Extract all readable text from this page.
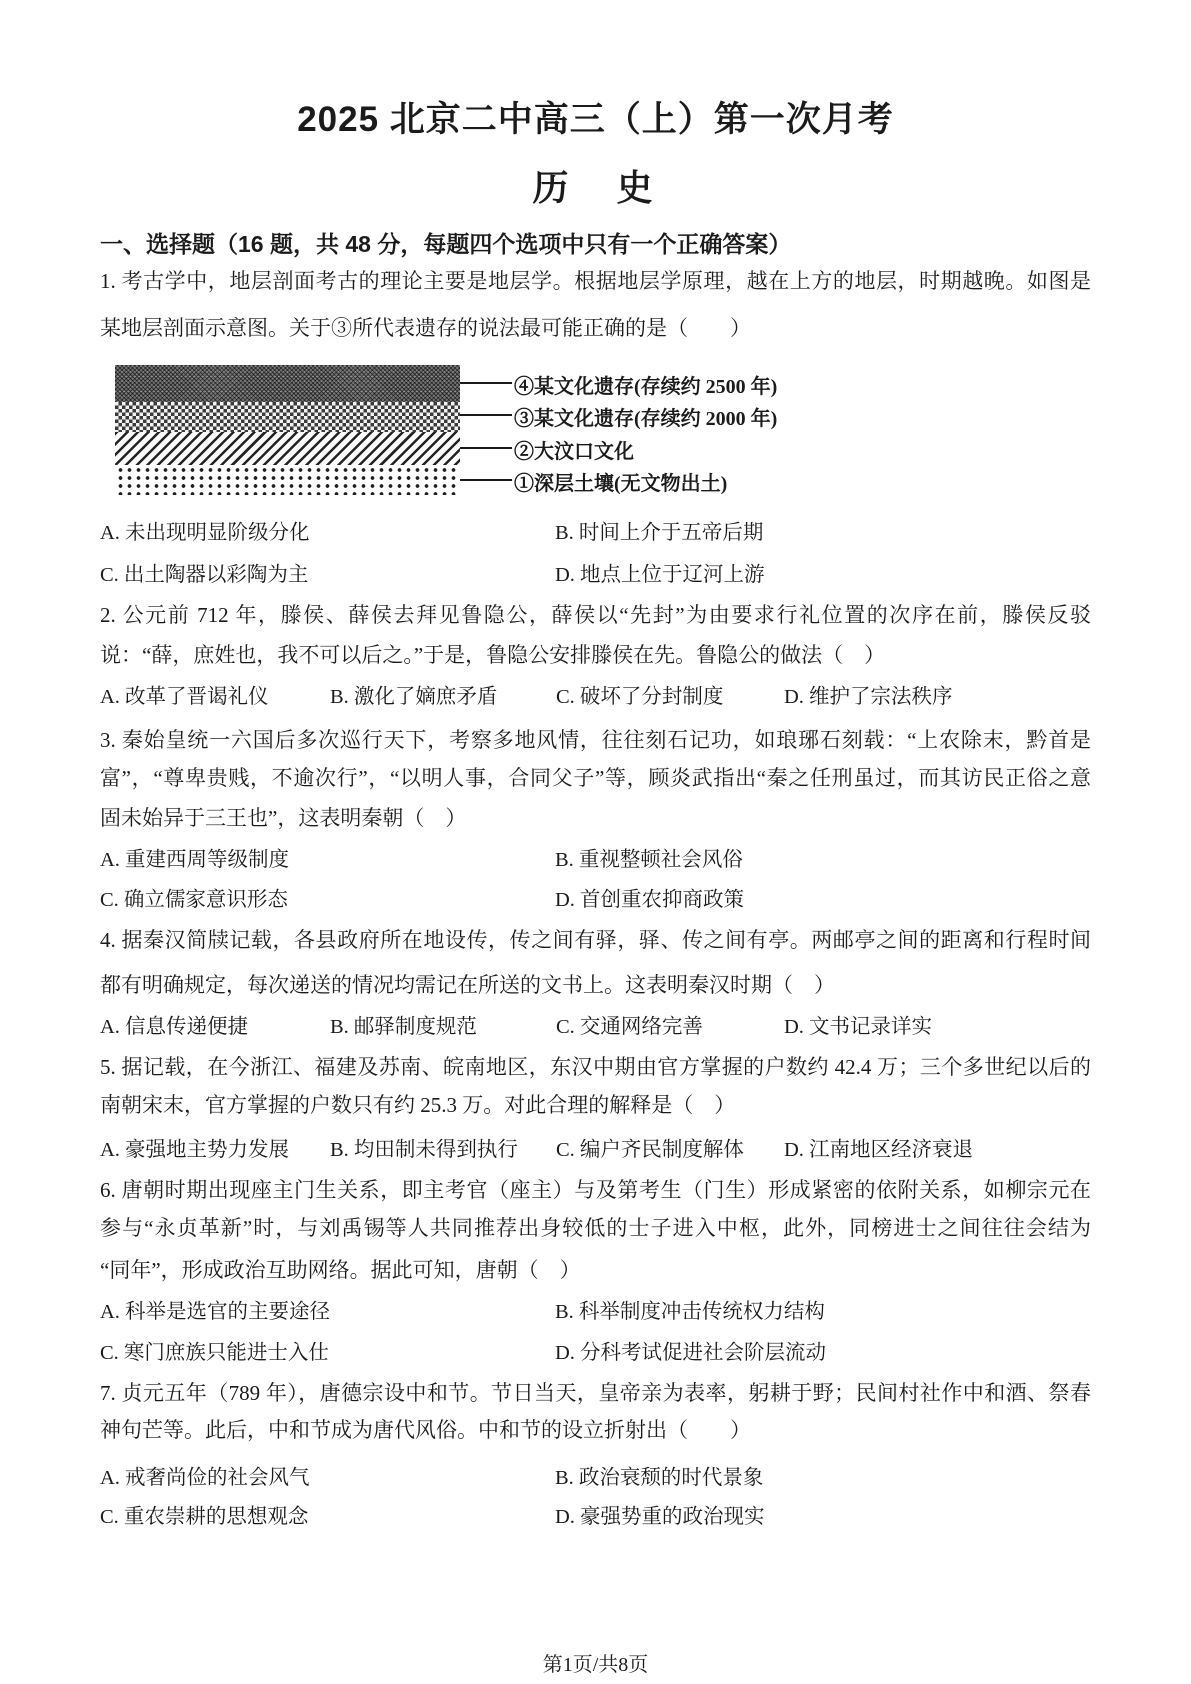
2025 北京二中高三（上）第一次月考
历　史
一、选择题（16 题，共 48 分，每题四个选项中只有一个正确答案）
1. 考古学中，地层剖面考古的理论主要是地层学。根据地层学原理，越在上方的地层，时期越晚。如图是
某地层剖面示意图。关于③所代表遗存的说法最可能正确的是（　　）
④某文化遗存(存续约 2500 年)
③某文化遗存(存续约 2000 年)
②大汶口文化
①深层土壤(无文物出土)
A. 未出现明显阶级分化	B. 时间上介于五帝后期
C. 出土陶器以彩陶为主	D. 地点上位于辽河上游
2. 公元前 712 年，滕侯、薛侯去拜见鲁隐公，薛侯以“先封”为由要求行礼位置的次序在前，滕侯反驳
说：“薛，庶姓也，我不可以后之。”于是，鲁隐公安排滕侯在先。鲁隐公的做法（　）
A. 改革了晋谒礼仪	B. 激化了嫡庶矛盾	C. 破坏了分封制度	D. 维护了宗法秩序
3. 秦始皇统一六国后多次巡行天下，考察多地风情，往往刻石记功，如琅琊石刻载：“上农除末，黔首是
富”，“尊卑贵贱，不逾次行”，“以明人事，合同父子”等，顾炎武指出“秦之任刑虽过，而其访民正俗之意
固未始异于三王也”，这表明秦朝（　）
A. 重建西周等级制度	B. 重视整顿社会风俗
C. 确立儒家意识形态	D. 首创重农抑商政策
4. 据秦汉简牍记载，各县政府所在地设传，传之间有驿，驿、传之间有亭。两邮亭之间的距离和行程时间
都有明确规定，每次递送的情况均需记在所送的文书上。这表明秦汉时期（　）
A. 信息传递便捷	B. 邮驿制度规范	C. 交通网络完善	D. 文书记录详实
5. 据记载，在今浙江、福建及苏南、皖南地区，东汉中期由官方掌握的户数约 42.4 万；三个多世纪以后的
南朝宋末，官方掌握的户数只有约 25.3 万。对此合理的解释是（　）
A. 豪强地主势力发展 B. 均田制未得到执行 C. 编户齐民制度解体 D. 江南地区经济衰退
6. 唐朝时期出现座主门生关系，即主考官（座主）与及第考生（门生）形成紧密的依附关系，如柳宗元在
参与“永贞革新”时，与刘禹锡等人共同推荐出身较低的士子进入中枢，此外，同榜进士之间往往会结为
“同年”，形成政治互助网络。据此可知，唐朝（　）
A. 科举是选官的主要途径	B. 科举制度冲击传统权力结构
C. 寒门庶族只能进士入仕	D. 分科考试促进社会阶层流动
7. 贞元五年（789 年），唐德宗设中和节。节日当天，皇帝亲为表率，躬耕于野；民间村社作中和酒、祭春
神句芒等。此后，中和节成为唐代风俗。中和节的设立折射出（　　）
A. 戒奢尚俭的社会风气	B. 政治衰颓的时代景象
C. 重农崇耕的思想观念	D. 豪强势重的政治现实
第1页/共8页
